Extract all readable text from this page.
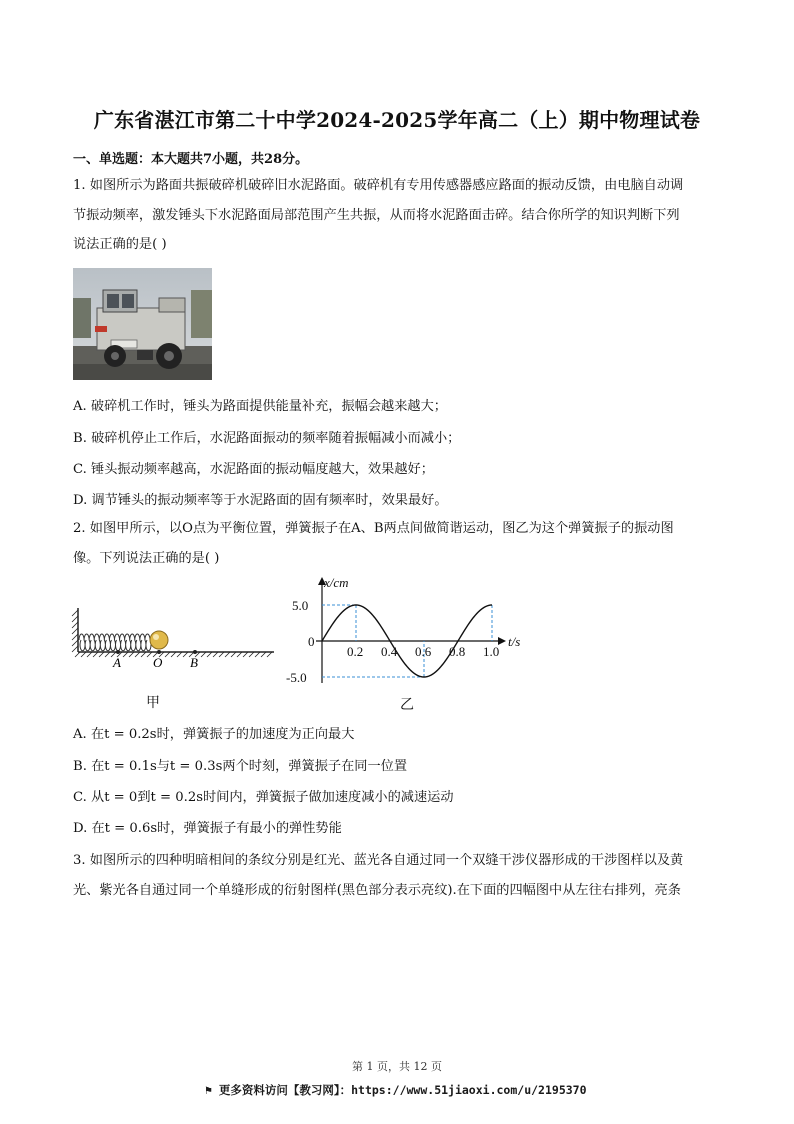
广东省湛江市第二十中学2024-2025学年高二（上）期中物理试卷
一、单选题：本大题共7小题，共28分。
1. 如图所示为路面共振破碎机破碎旧水泥路面。破碎机有专用传感器感应路面的振动反馈，由电脑自动调
节振动频率，激发锤头下水泥路面局部范围产生共振，从而将水泥路面击碎。结合你所学的知识判断下列
说法正确的是( )
A. 破碎机工作时，锤头为路面提供能量补充，振幅会越来越大；
B. 破碎机停止工作后，水泥路面振动的频率随着振幅减小而减小；
C. 锤头振动频率越高，水泥路面的振动幅度越大，效果越好；
D. 调节锤头的振动频率等于水泥路面的固有频率时，效果最好。
2. 如图甲所示，以O点为平衡位置，弹簧振子在A、B两点间做简谐运动，图乙为这个弹簧振子的振动图
像。下列说法正确的是( )
A O B
甲
0.2 0.4 0.6 0.8 1.0
5.0
0
-5.0
x/cm
t/s
乙
A. 在t = 0.2s时，弹簧振子的加速度为正向最大
B. 在t = 0.1s与t = 0.3s两个时刻，弹簧振子在同一位置
C. 从t = 0到t = 0.2s时间内，弹簧振子做加速度减小的减速运动
D. 在t = 0.6s时，弹簧振子有最小的弹性势能
3. 如图所示的四种明暗相间的条纹分别是红光、蓝光各自通过同一个双缝干涉仪器形成的干涉图样以及黄
光、紫光各自通过同一个单缝形成的衍射图样(黑色部分表示亮纹).在下面的四幅图中从左往右排列，亮条
第 1 页，共 12 页
⚑ 更多资料访问【教习网】：https://www.51jiaoxi.com/u/2195370
